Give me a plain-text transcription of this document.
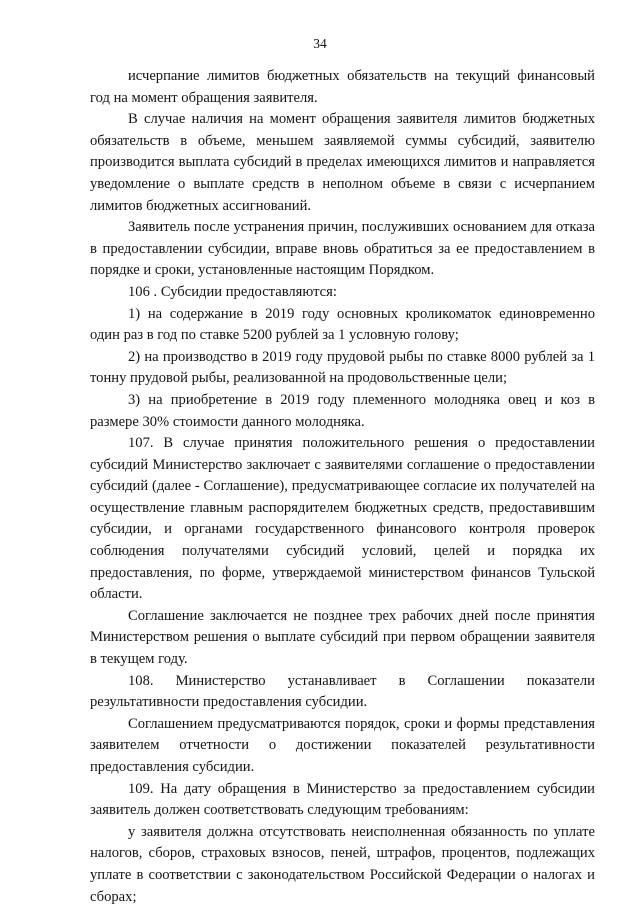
34

исчерпание лимитов бюджетных обязательств на текущий финансовый год на момент обращения заявителя.

В случае наличия на момент обращения заявителя лимитов бюджетных обязательств в объеме, меньшем заявляемой суммы субсидий, заявителю производится выплата субсидий в пределах имеющихся лимитов и направляется уведомление о выплате средств в неполном объеме в связи с исчерпанием лимитов бюджетных ассигнований.

Заявитель после устранения причин, послуживших основанием для отказа в предоставлении субсидии, вправе вновь обратиться за ее предоставлением в порядке и сроки, установленные настоящим Порядком.

106 . Субсидии предоставляются:

1) на содержание в 2019 году основных кроликоматок единовременно один раз в год по ставке 5200 рублей за 1 условную голову;

2) на производство в 2019 году прудовой рыбы по ставке 8000 рублей за 1 тонну прудовой рыбы, реализованной на продовольственные цели;

3) на приобретение в 2019 году племенного молодняка овец и коз в размере 30% стоимости данного молодняка.

107. В случае принятия положительного решения о предоставлении субсидий Министерство заключает с заявителями соглашение о предоставлении субсидий (далее - Соглашение), предусматривающее согласие их получателей на осуществление главным распорядителем бюджетных средств, предоставившим субсидии, и органами государственного финансового контроля проверок соблюдения получателями субсидий условий, целей и порядка их предоставления, по форме, утверждаемой министерством финансов Тульской области.

Соглашение заключается не позднее трех рабочих дней после принятия Министерством решения о выплате субсидий при первом обращении заявителя в текущем году.

108. Министерство устанавливает в Соглашении показатели результативности предоставления субсидии.

Соглашением предусматриваются порядок, сроки и формы представления заявителем отчетности о достижении показателей результативности предоставления субсидии.

109. На дату обращения в Министерство за предоставлением субсидии заявитель должен соответствовать следующим требованиям:

у заявителя должна отсутствовать неисполненная обязанность по уплате налогов, сборов, страховых взносов, пеней, штрафов, процентов, подлежащих уплате в соответствии с законодательством Российской Федерации о налогах и сборах;
